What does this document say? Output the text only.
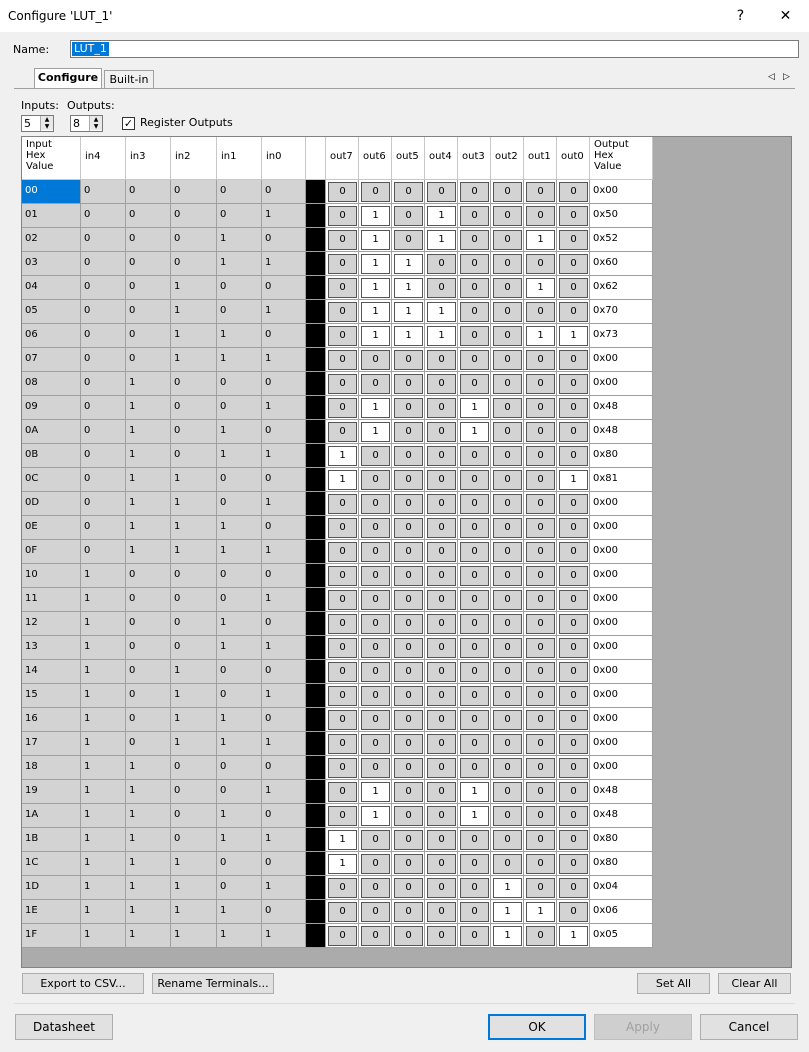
Configure 'LUT_1'	?	✕
Name: LUT_1
Configure	Built-in	◁ ▷
Inputs:
5	▲
▼
Outputs:
8	▲
▼	✓ Register Outputs
Input
Hex
Value
in4	in3	in2	in1	in0	out7	out6	out5	out4	out3	out2	out1	out0
Output
Hex
Value
00	0	0	0	0	0	0	0	0	0	0	0	0	0	0x00
01	0	0	0	0	1	0	1	0	1	0	0	0	0	0x50
02	0	0	0	1	0	0	1	0	1	0	0	1	0	0x52
03	0	0	0	1	1	0	1	1	0	0	0	0	0	0x60
04	0	0	1	0	0	0	1	1	0	0	0	1	0	0x62
05	0	0	1	0	1	0	1	1	1	0	0	0	0	0x70
06	0	0	1	1	0	0	1	1	1	0	0	1	1	0x73
07	0	0	1	1	1	0	0	0	0	0	0	0	0	0x00
08	0	1	0	0	0	0	0	0	0	0	0	0	0	0x00
09	0	1	0	0	1	0	1	0	0	1	0	0	0	0x48
0A	0	1	0	1	0	0	1	0	0	1	0	0	0	0x48
0B	0	1	0	1	1	1	0	0	0	0	0	0	0	0x80
0C	0	1	1	0	0	1	0	0	0	0	0	0	1	0x81
0D	0	1	1	0	1	0	0	0	0	0	0	0	0	0x00
0E	0	1	1	1	0	0	0	0	0	0	0	0	0	0x00
0F	0	1	1	1	1	0	0	0	0	0	0	0	0	0x00
10	1	0	0	0	0	0	0	0	0	0	0	0	0	0x00
11	1	0	0	0	1	0	0	0	0	0	0	0	0	0x00
12	1	0	0	1	0	0	0	0	0	0	0	0	0	0x00
13	1	0	0	1	1	0	0	0	0	0	0	0	0	0x00
14	1	0	1	0	0	0	0	0	0	0	0	0	0	0x00
15	1	0	1	0	1	0	0	0	0	0	0	0	0	0x00
16	1	0	1	1	0	0	0	0	0	0	0	0	0	0x00
17	1	0	1	1	1	0	0	0	0	0	0	0	0	0x00
18	1	1	0	0	0	0	0	0	0	0	0	0	0	0x00
19	1	1	0	0	1	0	1	0	0	1	0	0	0	0x48
1A	1	1	0	1	0	0	1	0	0	1	0	0	0	0x48
1B	1	1	0	1	1	1	0	0	0	0	0	0	0	0x80
1C	1	1	1	0	0	1	0	0	0	0	0	0	0	0x80
1D	1	1	1	0	1	0	0	0	0	0	1	0	0	0x04
1E	1	1	1	1	0	0	0	0	0	0	1	1	0	0x06
1F	1	1	1	1	1	0	0	0	0	0	1	0	1	0x05
Export to CSV...	Rename Terminals...	Set All	Clear All
Datasheet	OK	Apply	Cancel
